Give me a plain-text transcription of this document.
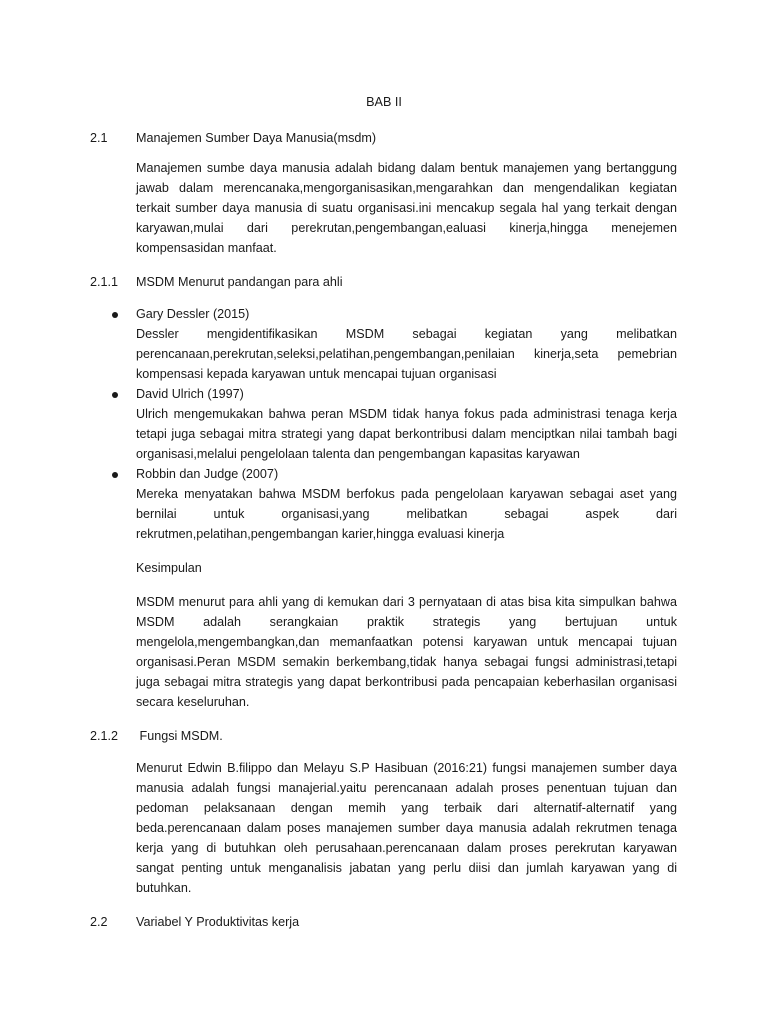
BAB II
2.1 Manajemen Sumber Daya Manusia(msdm)

Manajemen sumbe daya manusia adalah bidang dalam bentuk manajemen yang bertanggung jawab dalam merencanaka,mengorganisasikan,mengarahkan dan mengendalikan kegiatan terkait sumber daya manusia di suatu organisasi.ini mencakup segala hal yang terkait dengan karyawan,mulai dari perekrutan,pengembangan,ealuasi kinerja,hingga menejemen kompensasidan manfaat.

2.1.1 MSDM Menurut pandangan para ahli

Gary Dessler (2015)

Dessler mengidentifikasikan MSDM sebagai kegiatan yang melibatkan perencanaan,perekrutan,seleksi,pelatihan,pengembangan,penilaian kinerja,seta pemebrian kompensasi kepada karyawan untuk mencapai tujuan organisasi

David Ulrich (1997)

Ulrich mengemukakan bahwa peran MSDM tidak hanya fokus pada administrasi tenaga kerja tetapi juga sebagai mitra strategi yang dapat berkontribusi dalam menciptkan nilai tambah bagi organisasi,melalui pengelolaan talenta dan pengembangan kapasitas karyawan

Robbin dan Judge (2007)

Mereka menyatakan bahwa MSDM berfokus pada pengelolaan karyawan sebagai aset yang bernilai untuk organisasi,yang melibatkan sebagai aspek dari rekrutmen,pelatihan,pengembangan karier,hingga evaluasi kinerja

Kesimpulan

MSDM menurut para ahli yang di kemukan dari 3 pernyataan di atas bisa kita simpulkan bahwa MSDM adalah serangkaian praktik strategis yang bertujuan untuk mengelola,mengembangkan,dan memanfaatkan potensi karyawan untuk mencapai tujuan organisasi.Peran MSDM semakin berkembang,tidak hanya sebagai fungsi administrasi,tetapi juga sebagai mitra strategis yang dapat berkontribusi pada pencapaian keberhasilan organisasi secara keseluruhan.

2.1.2 Fungsi MSDM.

Menurut Edwin B.filippo dan Melayu S.P Hasibuan (2016:21) fungsi manajemen sumber daya manusia adalah fungsi manajerial.yaitu perencanaan adalah proses penentuan tujuan dan pedoman pelaksanaan dengan memih yang terbaik dari alternatif-alternatif yang beda.perencanaan dalam poses manajemen sumber daya manusia adalah rekrutmen tenaga kerja yang di butuhkan oleh perusahaan.perencanaan dalam proses perekrutan karyawan sangat penting untuk menganalisis jabatan yang perlu diisi dan jumlah karyawan yang di butuhkan.

2.2 Variabel Y Produktivitas kerja
